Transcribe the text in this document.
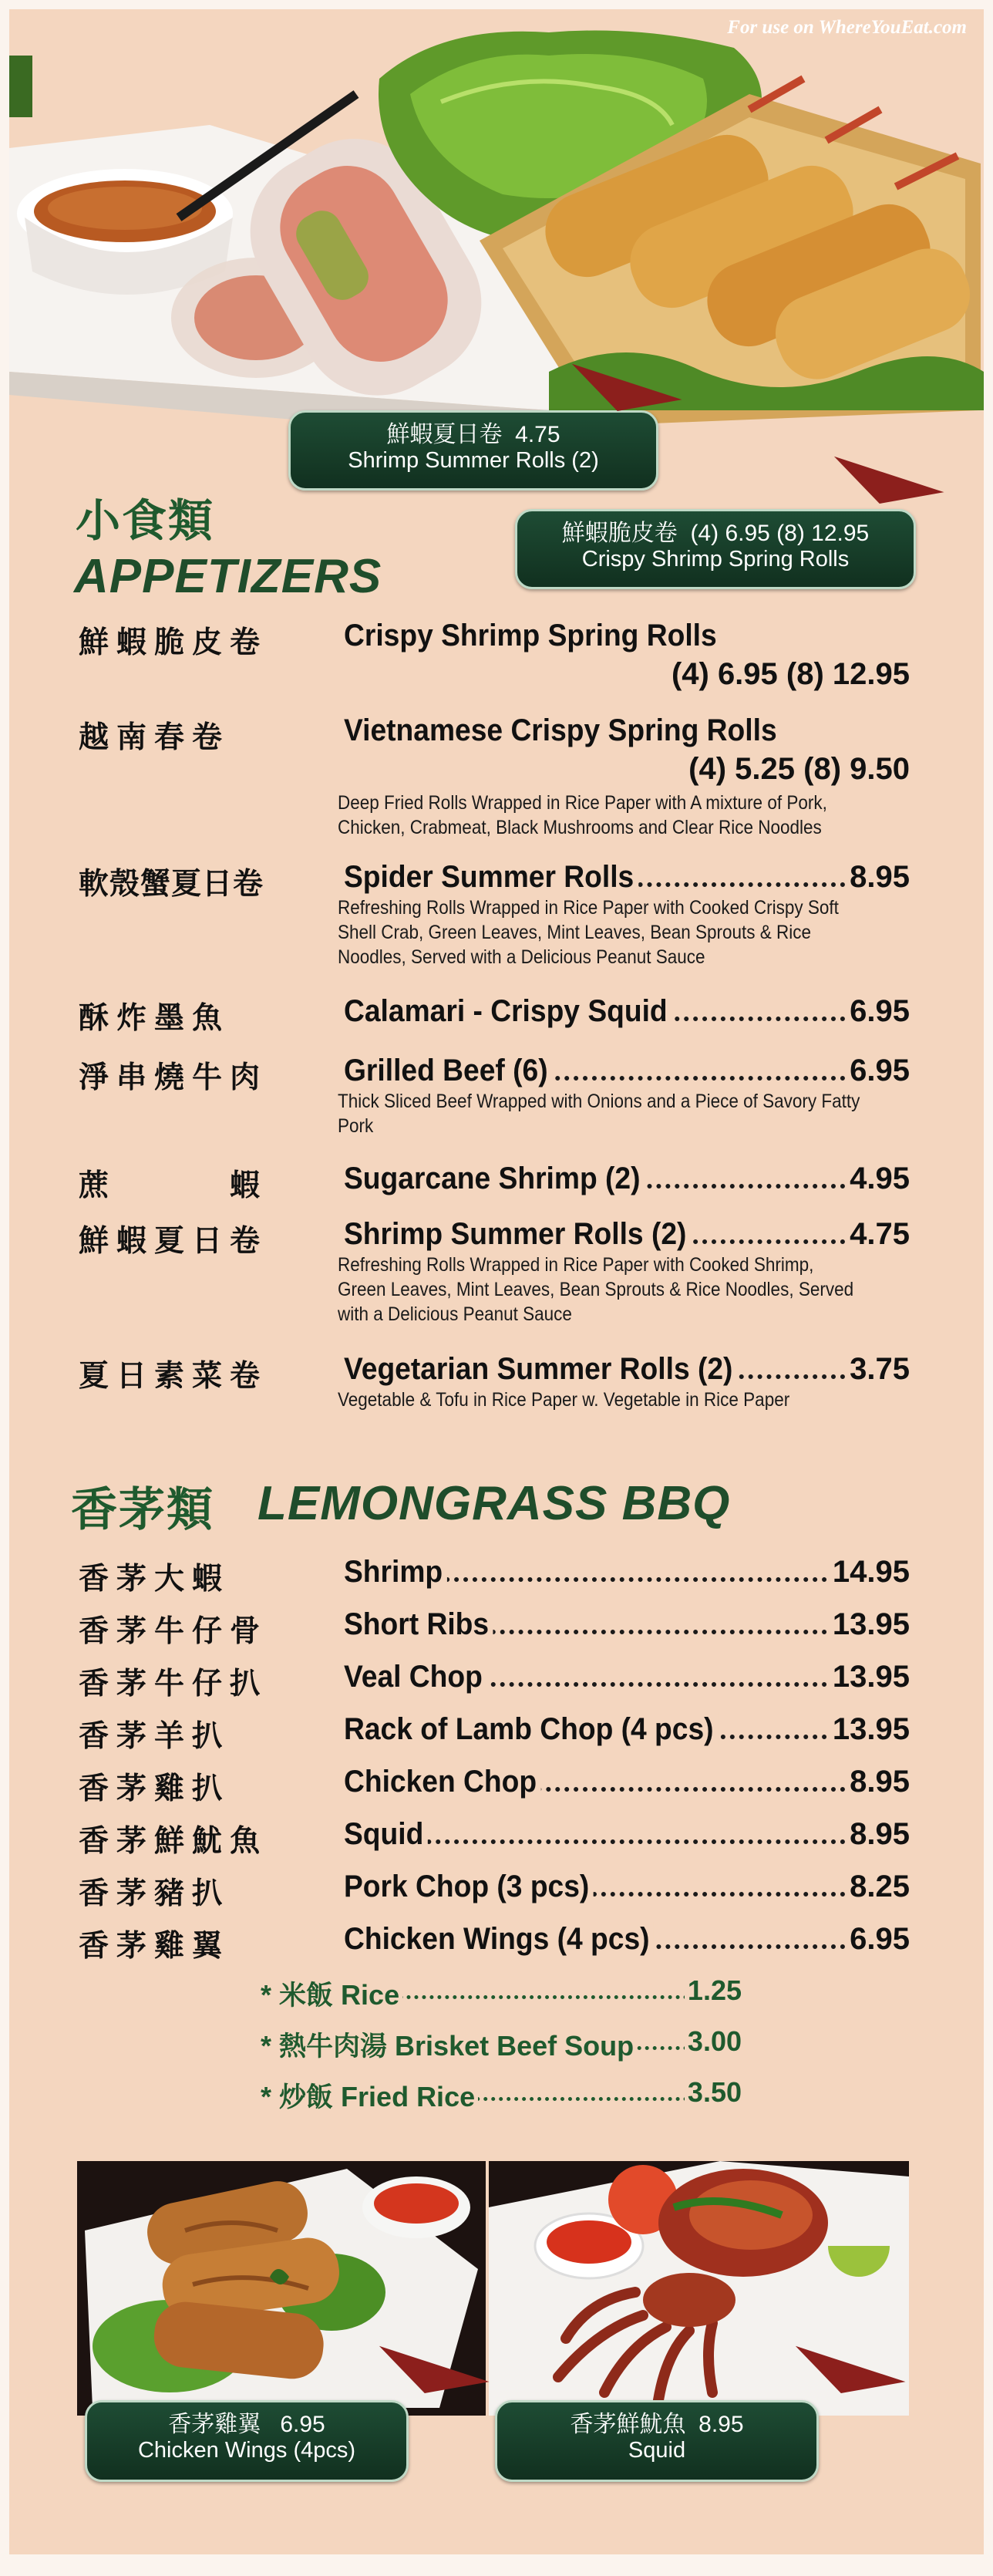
For use on WhereYouEat.com
鮮蝦夏日卷 4.75
Shrimp Summer Rolls (2)
鮮蝦脆皮卷 (4) 6.95 (8) 12.95
Crispy Shrimp Spring Rolls
小食類
APPETIZERS
鮮蝦脆皮卷	Crispy Shrimp Spring Rolls
(4) 6.95 (8) 12.95
越南春卷	Vietnamese Crispy Spring Rolls
(4) 5.25 (8) 9.50
Deep Fried Rolls Wrapped in Rice Paper with A mixture of Pork, Chicken, Crabmeat, Black Mushrooms and Clear Rice Noodles
軟殼蟹夏日卷	Spider Summer Rolls	8.95
Refreshing Rolls Wrapped in Rice Paper with Cooked Crispy Soft Shell Crab, Green Leaves, Mint Leaves, Bean Sprouts & Rice Noodles, Served with a Delicious Peanut Sauce
酥炸墨魚	Calamari - Crispy Squid	6.95
淨串燒牛肉	Grilled Beef (6)	6.95
Thick Sliced Beef Wrapped with Onions and a Piece of Savory Fatty Pork
蔗　　　蝦	Sugarcane Shrimp (2)	4.95
鮮蝦夏日卷	Shrimp Summer Rolls (2)	4.75
Refreshing Rolls Wrapped in Rice Paper with Cooked Shrimp, Green Leaves, Mint Leaves, Bean Sprouts & Rice Noodles, Served with a Delicious Peanut Sauce
夏日素菜卷	Vegetarian Summer Rolls (2)	3.75
Vegetable & Tofu in Rice Paper w. Vegetable in Rice Paper
香茅類 LEMONGRASS BBQ
香茅大蝦	Shrimp	14.95
香茅牛仔骨	Short Ribs	13.95
香茅牛仔扒	Veal Chop	13.95
香茅羊扒	Rack of Lamb Chop (4 pcs)	13.95
香茅雞扒	Chicken Chop	8.95
香茅鮮魷魚	Squid	8.95
香茅豬扒	Pork Chop (3 pcs)	8.25
香茅雞翼	Chicken Wings (4 pcs)	6.95
* 米飯 Rice	1.25
* 熱牛肉湯 Brisket Beef Soup 3.00
* 炒飯 Fried Rice	3.50
香茅雞翼 6.95
Chicken Wings (4pcs)
香茅鮮魷魚 8.95
Squid
